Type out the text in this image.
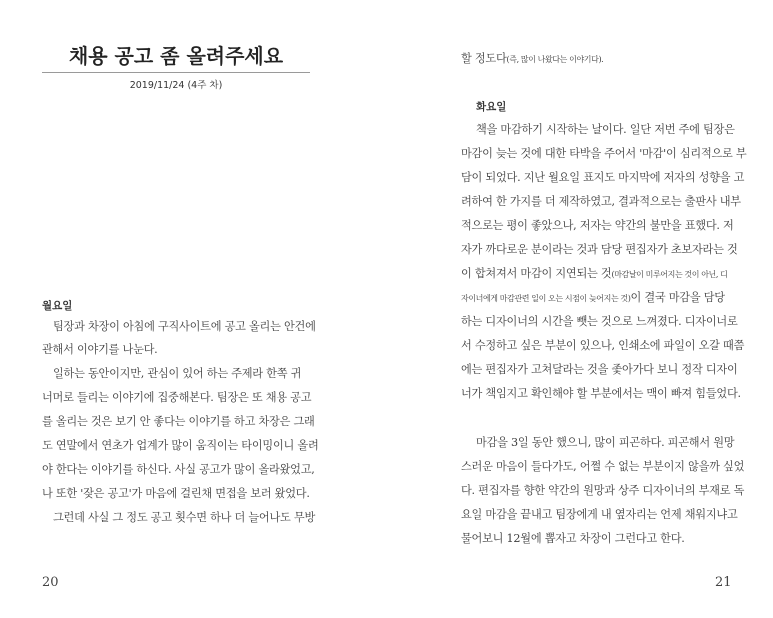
채용 공고 좀 올려주세요
2019/11/24 (4주 차)
월요일
팀장과 차장이 아침에 구직사이트에 공고 올리는 안건에
관해서 이야기를 나눈다.
일하는 동안이지만, 관심이 있어 하는 주제라 한쪽 귀
너머로 들리는 이야기에 집중해본다. 팀장은 또 채용 공고
를 올리는 것은 보기 안 좋다는 이야기를 하고 차장은 그래
도 연말에서 연초가 업계가 많이 움직이는 타이밍이니 올려
야 한다는 이야기를 하신다. 사실 공고가 많이 올라왔었고,
나 또한 '잦은 공고'가 마음에 걸린채 면접을 보러 왔었다.
그런데 사실 그 정도 공고 횟수면 하나 더 늘어나도 무방
20
할 정도다(즉, 많이 나왔다는 이야기다).
화요일
책을 마감하기 시작하는 날이다. 일단 저번 주에 팀장은
마감이 늦는 것에 대한 타박을 주어서 '마감'이 심리적으로 부
담이 되었다. 지난 월요일 표지도 마지막에 저자의 성향을 고
려하여 한 가지를 더 제작하였고, 결과적으로는 출판사 내부
적으로는 평이 좋았으나, 저자는 약간의 불만을 표했다. 저
자가 까다로운 분이라는 것과 담당 편집자가 초보자라는 것
이 합쳐져서 마감이 지연되는 것(마감날이 미루어지는 것이 아닌, 디
자이너에게 마감관련 일이 오는 시점이 늦어지는 것)이 결국 마감을 담당
하는 디자이너의 시간을 뺏는 것으로 느껴졌다. 디자이너로
서 수정하고 싶은 부분이 있으나, 인쇄소에 파일이 오갈 때쯤
에는 편집자가 고쳐달라는 것을 좇아가다 보니 정작 디자이
너가 책임지고 확인해야 할 부분에서는 맥이 빠져 힘들었다.
마감을 3일 동안 했으니, 많이 피곤하다. 피곤해서 원망
스러운 마음이 들다가도, 어쩔 수 없는 부분이지 않을까 싶었
다. 편집자를 향한 약간의 원망과 상주 디자이너의 부재로 독
요일 마감을 끝내고 팀장에게 내 옆자리는 언제 채워지냐고
물어보니 12월에 뽑자고 차장이 그런다고 한다.
21
